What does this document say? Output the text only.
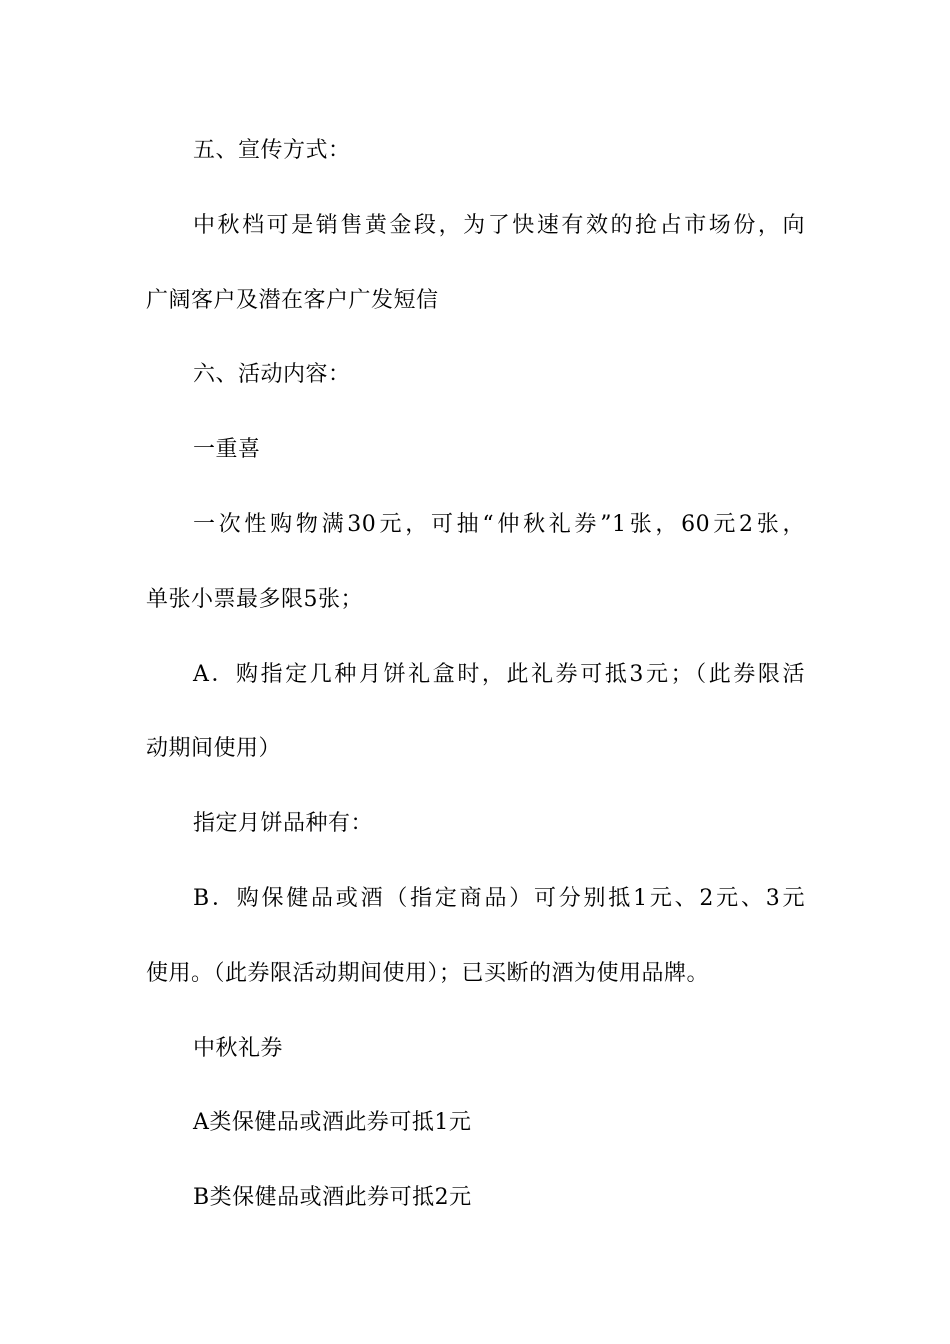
五、宣传方式：
中秋档可是销售黄金段，为了快速有效的抢占市场份，向
广阔客户及潜在客户广发短信
六、活动内容：
一重喜
一次性购物满30元，可抽“仲秋礼券”1张，60元2张，
单张小票最多限5张；
A．购指定几种月饼礼盒时，此礼券可抵3元；（此券限活
动期间使用）
指定月饼品种有：
B．购保健品或酒（指定商品）可分别抵1元、2元、3元
使用。（此券限活动期间使用）；已买断的酒为使用品牌。
中秋礼券
A类保健品或酒此券可抵1元
B类保健品或酒此券可抵2元
